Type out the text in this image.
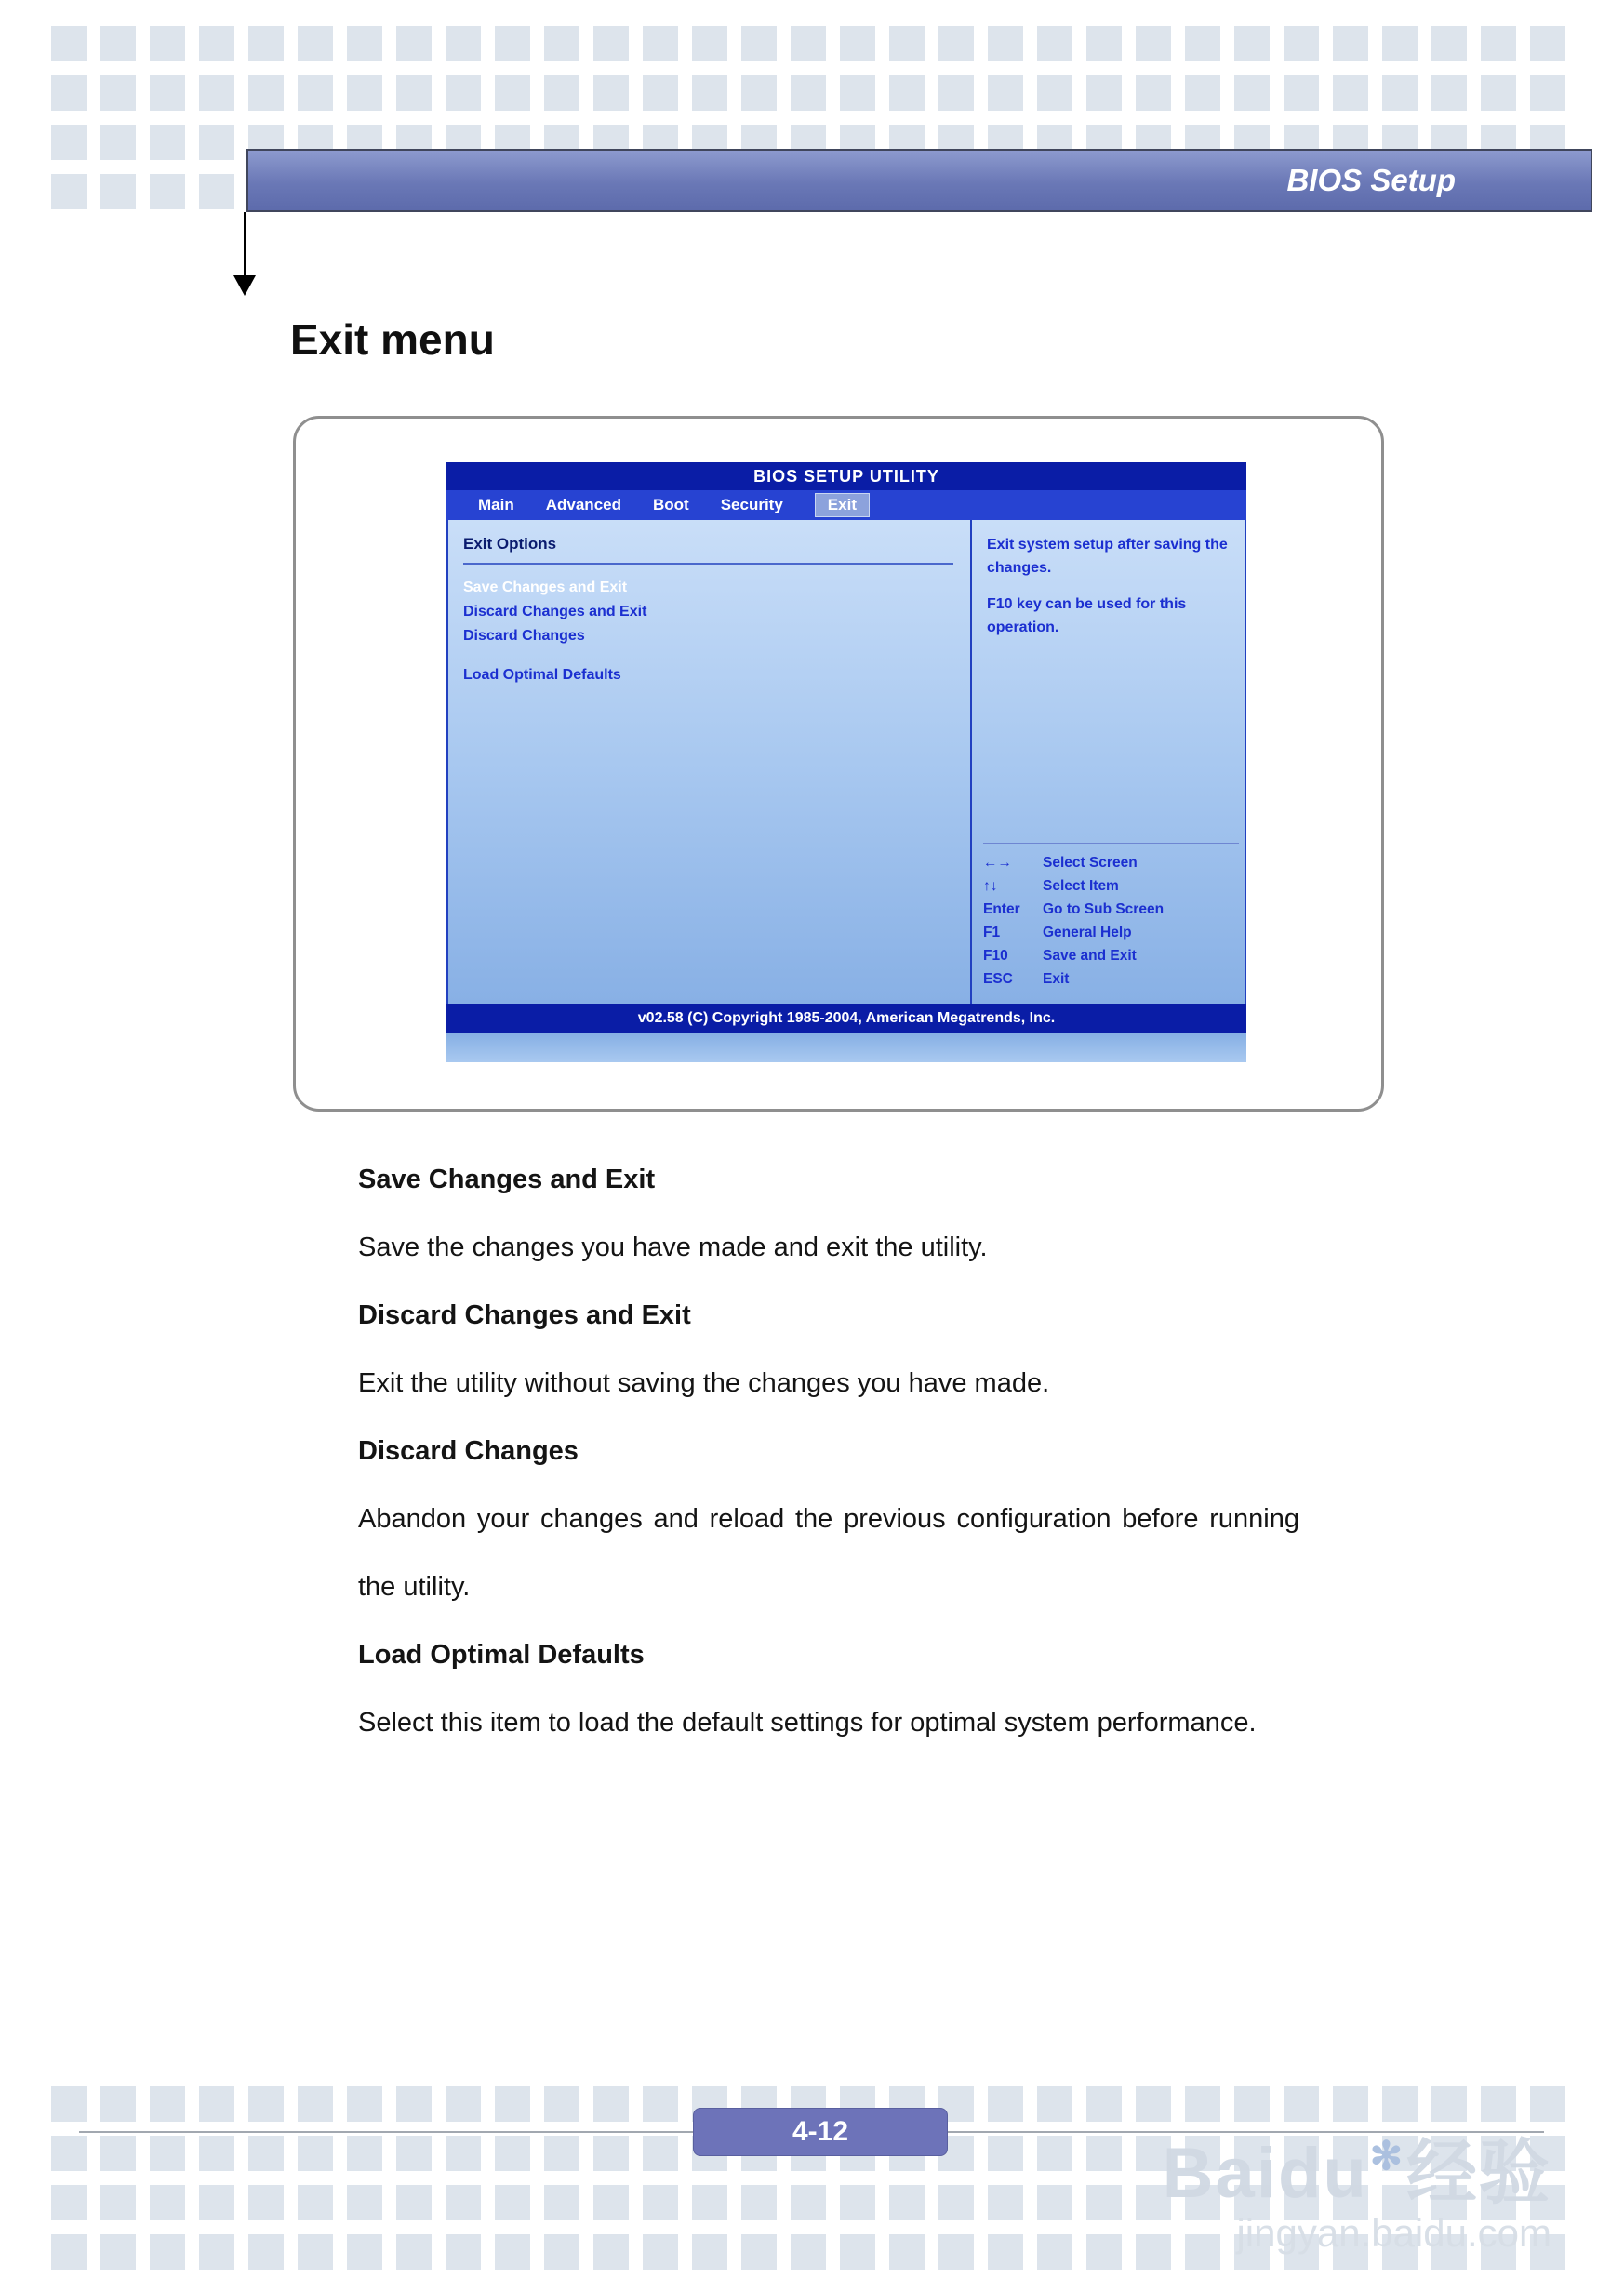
BIOS Setup
Exit menu
BIOS SETUP UTILITY
Main Advanced Boot Security	Exit
Exit Options
Save Changes and Exit
Discard Changes and Exit
Discard Changes
Load Optimal Defaults

Exit system setup after saving the changes.

F10 key can be used for this operation.

←→	Select Screen
↑↓	Select Item
Enter	Go to Sub Screen
F1	General Help
F10	Save and Exit
ESC	Exit
v02.58 (C) Copyright 1985-2004, American Megatrends, Inc.
Save Changes and Exit

Save the changes you have made and exit the utility.

Discard Changes and Exit

Exit the utility without saving the changes you have made.

Discard Changes

Abandon your changes and reload the previous configuration before running the utility.

Load Optimal Defaults

Select this item to load the default settings for optimal system performance.

4-12
Baidu✻经验
jingyan.baidu.com
